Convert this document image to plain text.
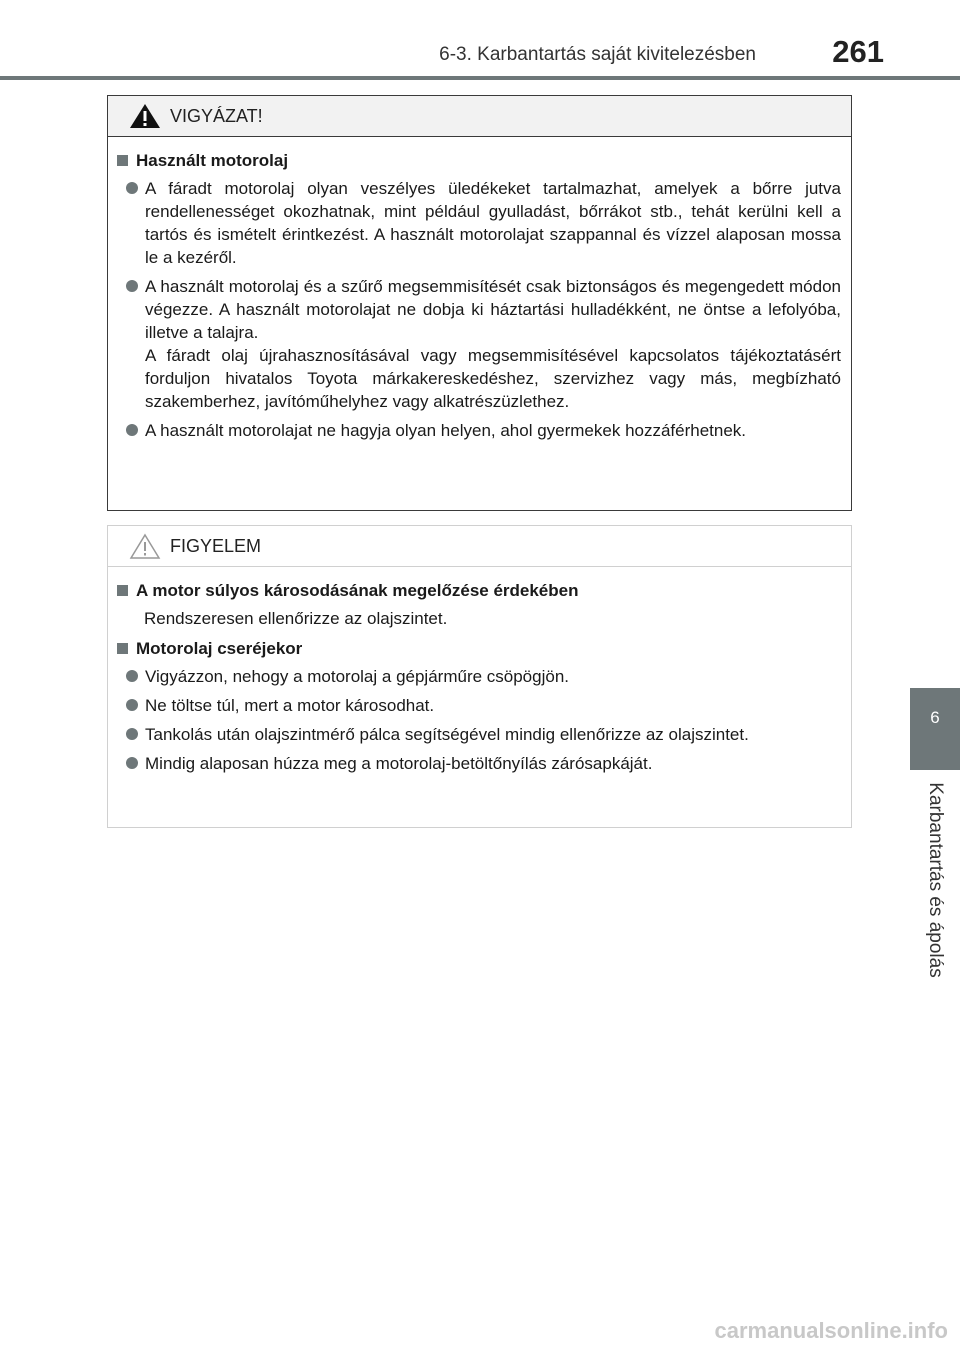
6-3. Karbantartás saját kivitelezésben 261
6
Karbantartás és ápolás
VIGYÁZAT!
Használt motorolaj
A fáradt motorolaj olyan veszélyes üledékeket tartalmazhat, amelyek a bőrre jutva rendellenességet okozhatnak, mint például gyulladást, bőrrákot stb., tehát kerülni kell a tartós és ismételt érintkezést. A használt motorolajat szappannal és vízzel alaposan mossa le a kezéről.

A használt motorolaj és a szűrő megsemmisítését csak biztonságos és megengedett módon végezze. A használt motorolajat ne dobja ki háztartási hulladékként, ne öntse a lefolyóba, illetve a talajra.

A fáradt olaj újrahasznosításával vagy megsemmisítésével kapcsolatos tájékoztatásért forduljon hivatalos Toyota márkakereskedéshez, szervizhez vagy más, megbízható szakemberhez, javítóműhelyhez vagy alkatrészüzlethez.

A használt motorolajat ne hagyja olyan helyen, ahol gyermekek hozzáférhetnek.
FIGYELEM
A motor súlyos károsodásának megelőzése érdekében
Rendszeresen ellenőrizze az olajszintet.
Motorolaj cseréjekor
Vigyázzon, nehogy a motorolaj a gépjárműre csöpögjön.
Ne töltse túl, mert a motor károsodhat.
Tankolás után olajszintmérő pálca segítségével mindig ellenőrizze az olajszintet.
Mindig alaposan húzza meg a motorolaj-betöltőnyílás zárósapkáját.
carmanualsonline.info
